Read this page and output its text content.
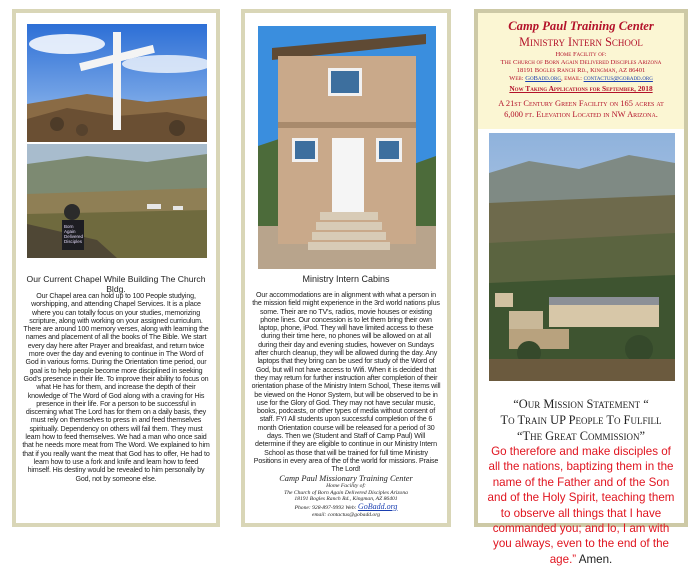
Born
Again
Delivered
Disciples
Our Current Chapel While Building The Church Bldg.
Our Chapel area can hold up to 100 People studying, worshipping, and attending Chapel Services. It is a place where you can totally focus on your studies, memorizing scripture, along with working on your assigned curriculum. There are around 100 memory verses, along with learning the names and placement of all the books of The Bible. We start every day here after Prayer and breakfast, and return twice more over the day and evening to continue in The Word of God in various forms. During the Orientation time period, our goal is to help people become more disciplined in seeking God's presence in their life. To improve their ability to focus on what He has for them, and increase the depth of their knowledge of The Word of God along with a craving for His presence in their life. For a person to be successful in discerning what The Lord has for them on a daily basis, they must rely on themselves to press in and feed themselves spiritually. Dependency on others will fail them. They must learn how to feed themselves. We had a man who once said that he needs more meat from The Word. We explained to him that if you really want the meat that God has to offer, He had to learn how to use a fork and knife and learn how to feed himself. His destiny would be revealed to him personally by God, not by someone else.
Ministry Intern Cabins
Our accommodations are in alignment with what a person in the mission field might experience in the 3rd world nations plus some. Their are no TV's, radios, movie houses or existing phone lines. Our concession is to let them bring their own laptop, phone, iPod. They will have limited access to these during their time here, no phones will be allowed on at all during their day and evening studies, however on Sundays after church cleanup, they will be allowed during the day. Any laptops that they bring can be used for study of the Word of God, but will not have access to Wifi. When it is decided that they may return for further instruction after completion of their orientation phase of the Ministry Intern School, These items will be viewed on the Honor System, but will be observed to be in use for the Glory of God. They may not have secular music, books, podcasts, or other types of media without consent of staff. FYI All students upon successful completion of the 6 month Orientation course will be released for a period of 30 days. Then we (Student and Staff of Camp Paul) Will determine if they are eligible to continue in our Ministry Intern School as those that will be trained for full time Ministry Positions in every area of the of the world for missions. Praise The Lord!
Camp Paul Missionary Training Center
Home Facility of:
The Church of Born Again Delivered Disciples Arizona
18191 Bogles Ranch Rd., Kingman, AZ 86401
Phone: 928-897-9993 Web: GoBadd.org
email: contactus@gobadd.org
Camp Paul Training Center
Ministry Intern School
Home Facility of:
The Church of Born Again Delivered Disciples Arizona
18191 Bogles Ranch Rd., Kingman, AZ 86401
Web: GoBadd.org, email: contactus@gobadd.org
Now Taking Applications for September, 2018
A 21st Century Green Facility on 165 acres at 6,000 ft. Elevation Located in NW Arizona.
“Our Mission Statement “
To Train UP People To Fulfill
“The Great Commission”
Go therefore and make disciples of all the nations, baptizing them in the name of the Father and of the Son and of the Holy Spirit, teaching them to observe all things that I have commanded you; and lo, I am with you always, even to the end of the age.” Amen.
